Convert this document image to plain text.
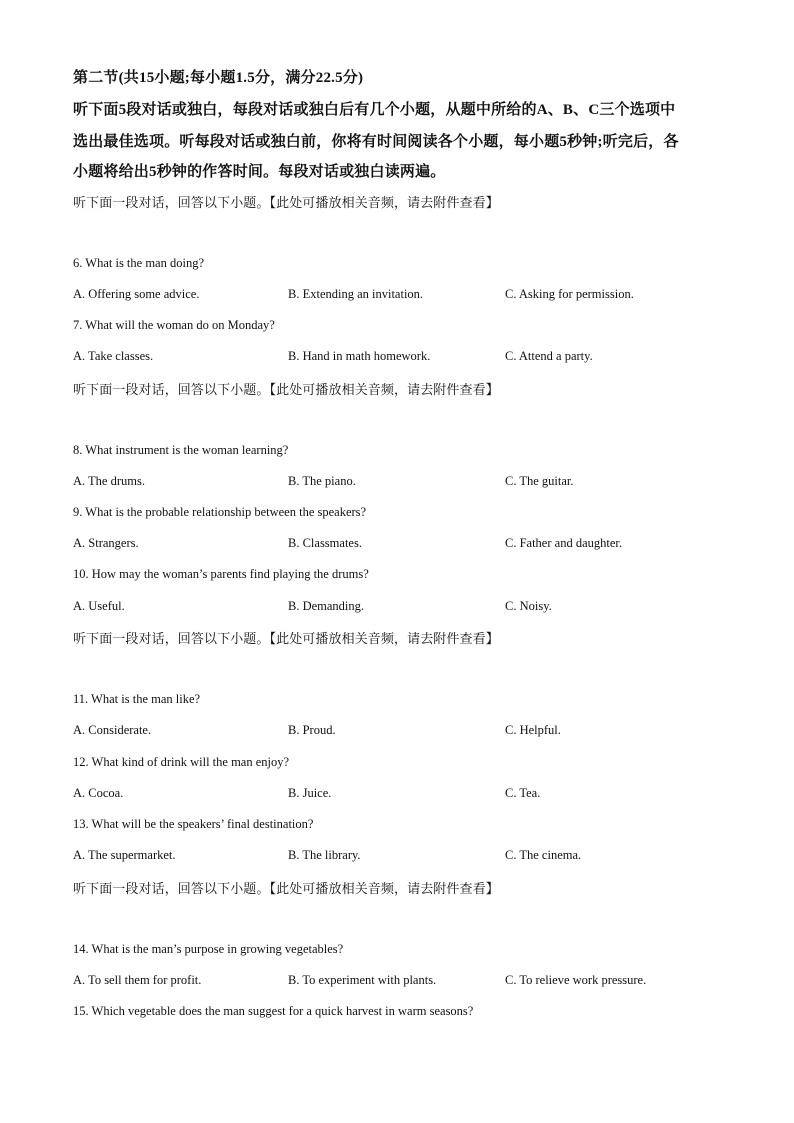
第二节(共15小题;每小题1.5分，满分22.5分)
听下面5段对话或独白，每段对话或独白后有几个小题，从题中所给的A、B、C三个选项中
选出最佳选项。听每段对话或独白前，你将有时间阅读各个小题，每小题5秒钟;听完后，各
小题将给出5秒钟的作答时间。每段对话或独白读两遍。
听下面一段对话，回答以下小题。【此处可播放相关音频，请去附件查看】
6. What is the man doing?
A. Offering some advice.	B. Extending an invitation.	C. Asking for permission.
7. What will the woman do on Monday?
A. Take classes.	B. Hand in math homework.	C. Attend a party.
听下面一段对话，回答以下小题。【此处可播放相关音频，请去附件查看】
8. What instrument is the woman learning?
A. The drums.	B. The piano.	C. The guitar.
9. What is the probable relationship between the speakers?
A. Strangers.	B. Classmates.	C. Father and daughter.
10. How may the woman’s parents find playing the drums?
A. Useful.	B. Demanding.	C. Noisy.
听下面一段对话，回答以下小题。【此处可播放相关音频，请去附件查看】
11. What is the man like?
A. Considerate.	B. Proud.	C. Helpful.
12. What kind of drink will the man enjoy?
A. Cocoa.	B. Juice.	C. Tea.
13. What will be the speakers’ final destination?
A. The supermarket.	B. The library.	C. The cinema.
听下面一段对话，回答以下小题。【此处可播放相关音频，请去附件查看】
14. What is the man’s purpose in growing vegetables?
A. To sell them for profit.	B. To experiment with plants.	C. To relieve work pressure.
15. Which vegetable does the man suggest for a quick harvest in warm seasons?
